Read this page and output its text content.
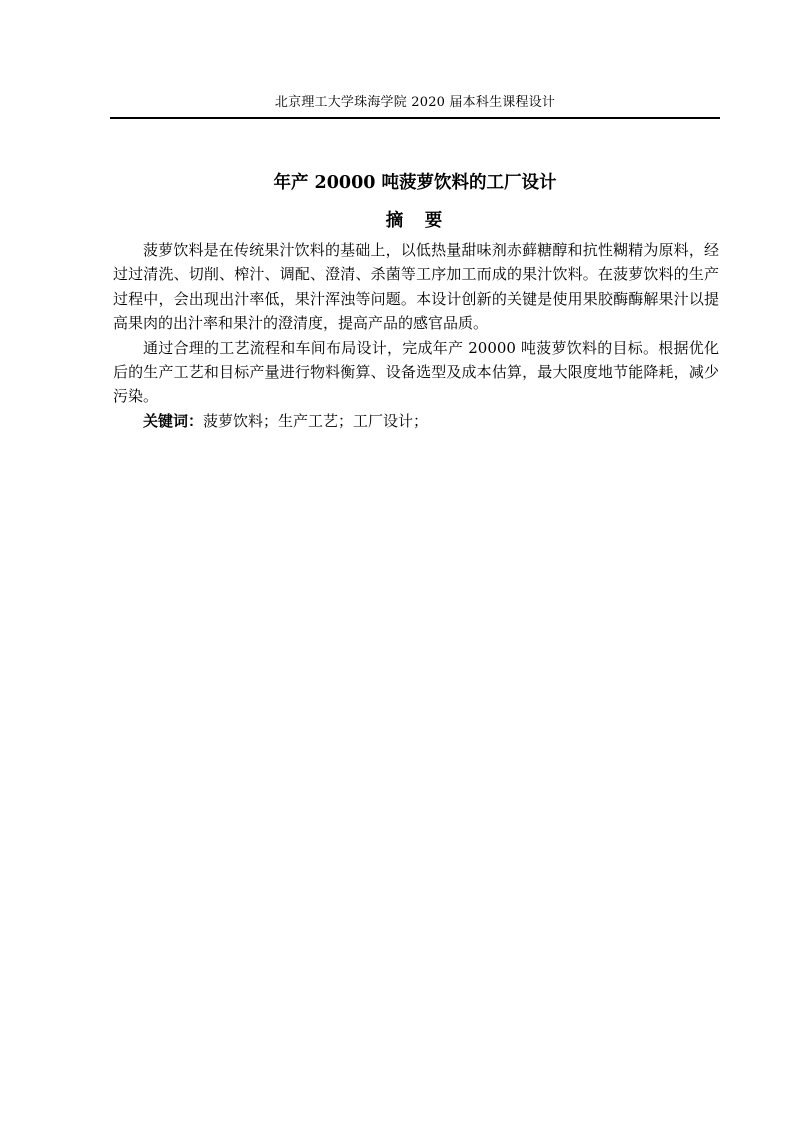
北京理工大学珠海学院 2020 届本科生课程设计
年产 20000 吨菠萝饮料的工厂设计
摘　要

菠萝饮料是在传统果汁饮料的基础上，以低热量甜味剂赤藓糖醇和抗性糊精为原料，经过过清洗、切削、榨汁、调配、澄清、杀菌等工序加工而成的果汁饮料。在菠萝饮料的生产过程中，会出现出汁率低，果汁浑浊等问题。本设计创新的关键是使用果胶酶酶解果汁以提高果肉的出汁率和果汁的澄清度，提高产品的感官品质。

通过合理的工艺流程和车间布局设计，完成年产 20000 吨菠萝饮料的目标。根据优化后的生产工艺和目标产量进行物料衡算、设备选型及成本估算，最大限度地节能降耗，减少污染。

关键词：菠萝饮料；生产工艺；工厂设计；
